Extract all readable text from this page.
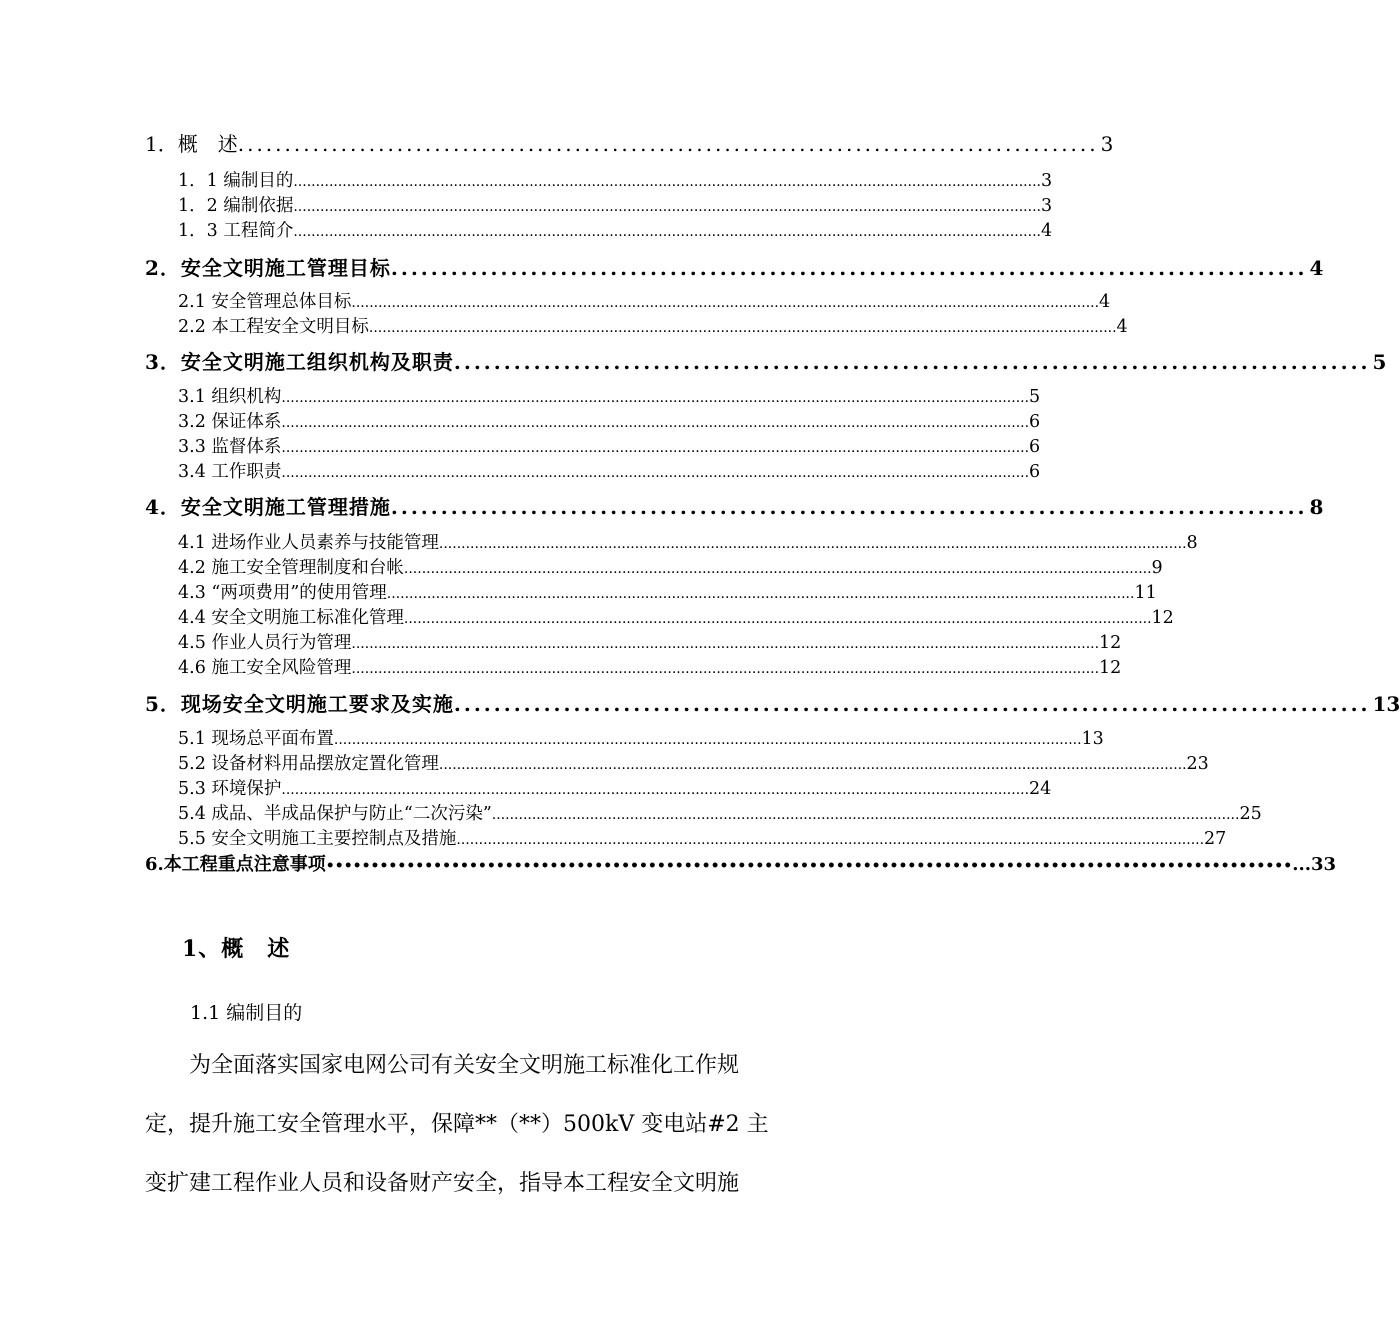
1．概　述 ............................................................................................ 3
1．1 编制目的 ........................................................................................................................................................................ 3
1．2 编制依据 ........................................................................................................................................................................ 3
1．3 工程简介 ........................................................................................................................................................................ 4
2．安全文明施工管理目标 ............................................................................................ 4
2.1 安全管理总体目标 ........................................................................................................................................................................ 4
2.2 本工程安全文明目标 ........................................................................................................................................................................ 4
3．安全文明施工组织机构及职责 ............................................................................................ 5
3.1 组织机构 ........................................................................................................................................................................ 5
3.2 保证体系 ........................................................................................................................................................................ 6
3.3 监督体系 ........................................................................................................................................................................ 6
3.4 工作职责 ........................................................................................................................................................................ 6
4．安全文明施工管理措施 ............................................................................................ 8
4.1 进场作业人员素养与技能管理 ........................................................................................................................................................................ 8
4.2 施工安全管理制度和台帐 ........................................................................................................................................................................ 9
4.3 “两项费用”的使用管理 ........................................................................................................................................................................ 11
4.4 安全文明施工标准化管理 ........................................................................................................................................................................ 12
4.5 作业人员行为管理 ........................................................................................................................................................................ 12
4.6 施工安全风险管理 ........................................................................................................................................................................ 12
5．现场安全文明施工要求及实施 ............................................................................................ 13
5.1 现场总平面布置 ........................................................................................................................................................................ 13
5.2 设备材料用品摆放定置化管理 ........................................................................................................................................................................ 23
5.3 环境保护 ........................................................................................................................................................................ 24
5.4 成品、半成品保护与防止“二次污染” ........................................................................................................................................................................ 25
5.5 安全文明施工主要控制点及措施 ........................................................................................................................................................................ 27
6.本工程重点注意事项 •••••••••••••••••••••••••••••••••••••••••••••••••••••••••••••••••••••••••••••••••••••••••••••••••••••••••••• ...33
1、概　述
1.1 编制目的
　　为全面落实国家电网公司有关安全文明施工标准化工作规
定，提升施工安全管理水平，保障**（**）500kV 变电站#2 主
变扩建工程作业人员和设备财产安全，指导本工程安全文明施
